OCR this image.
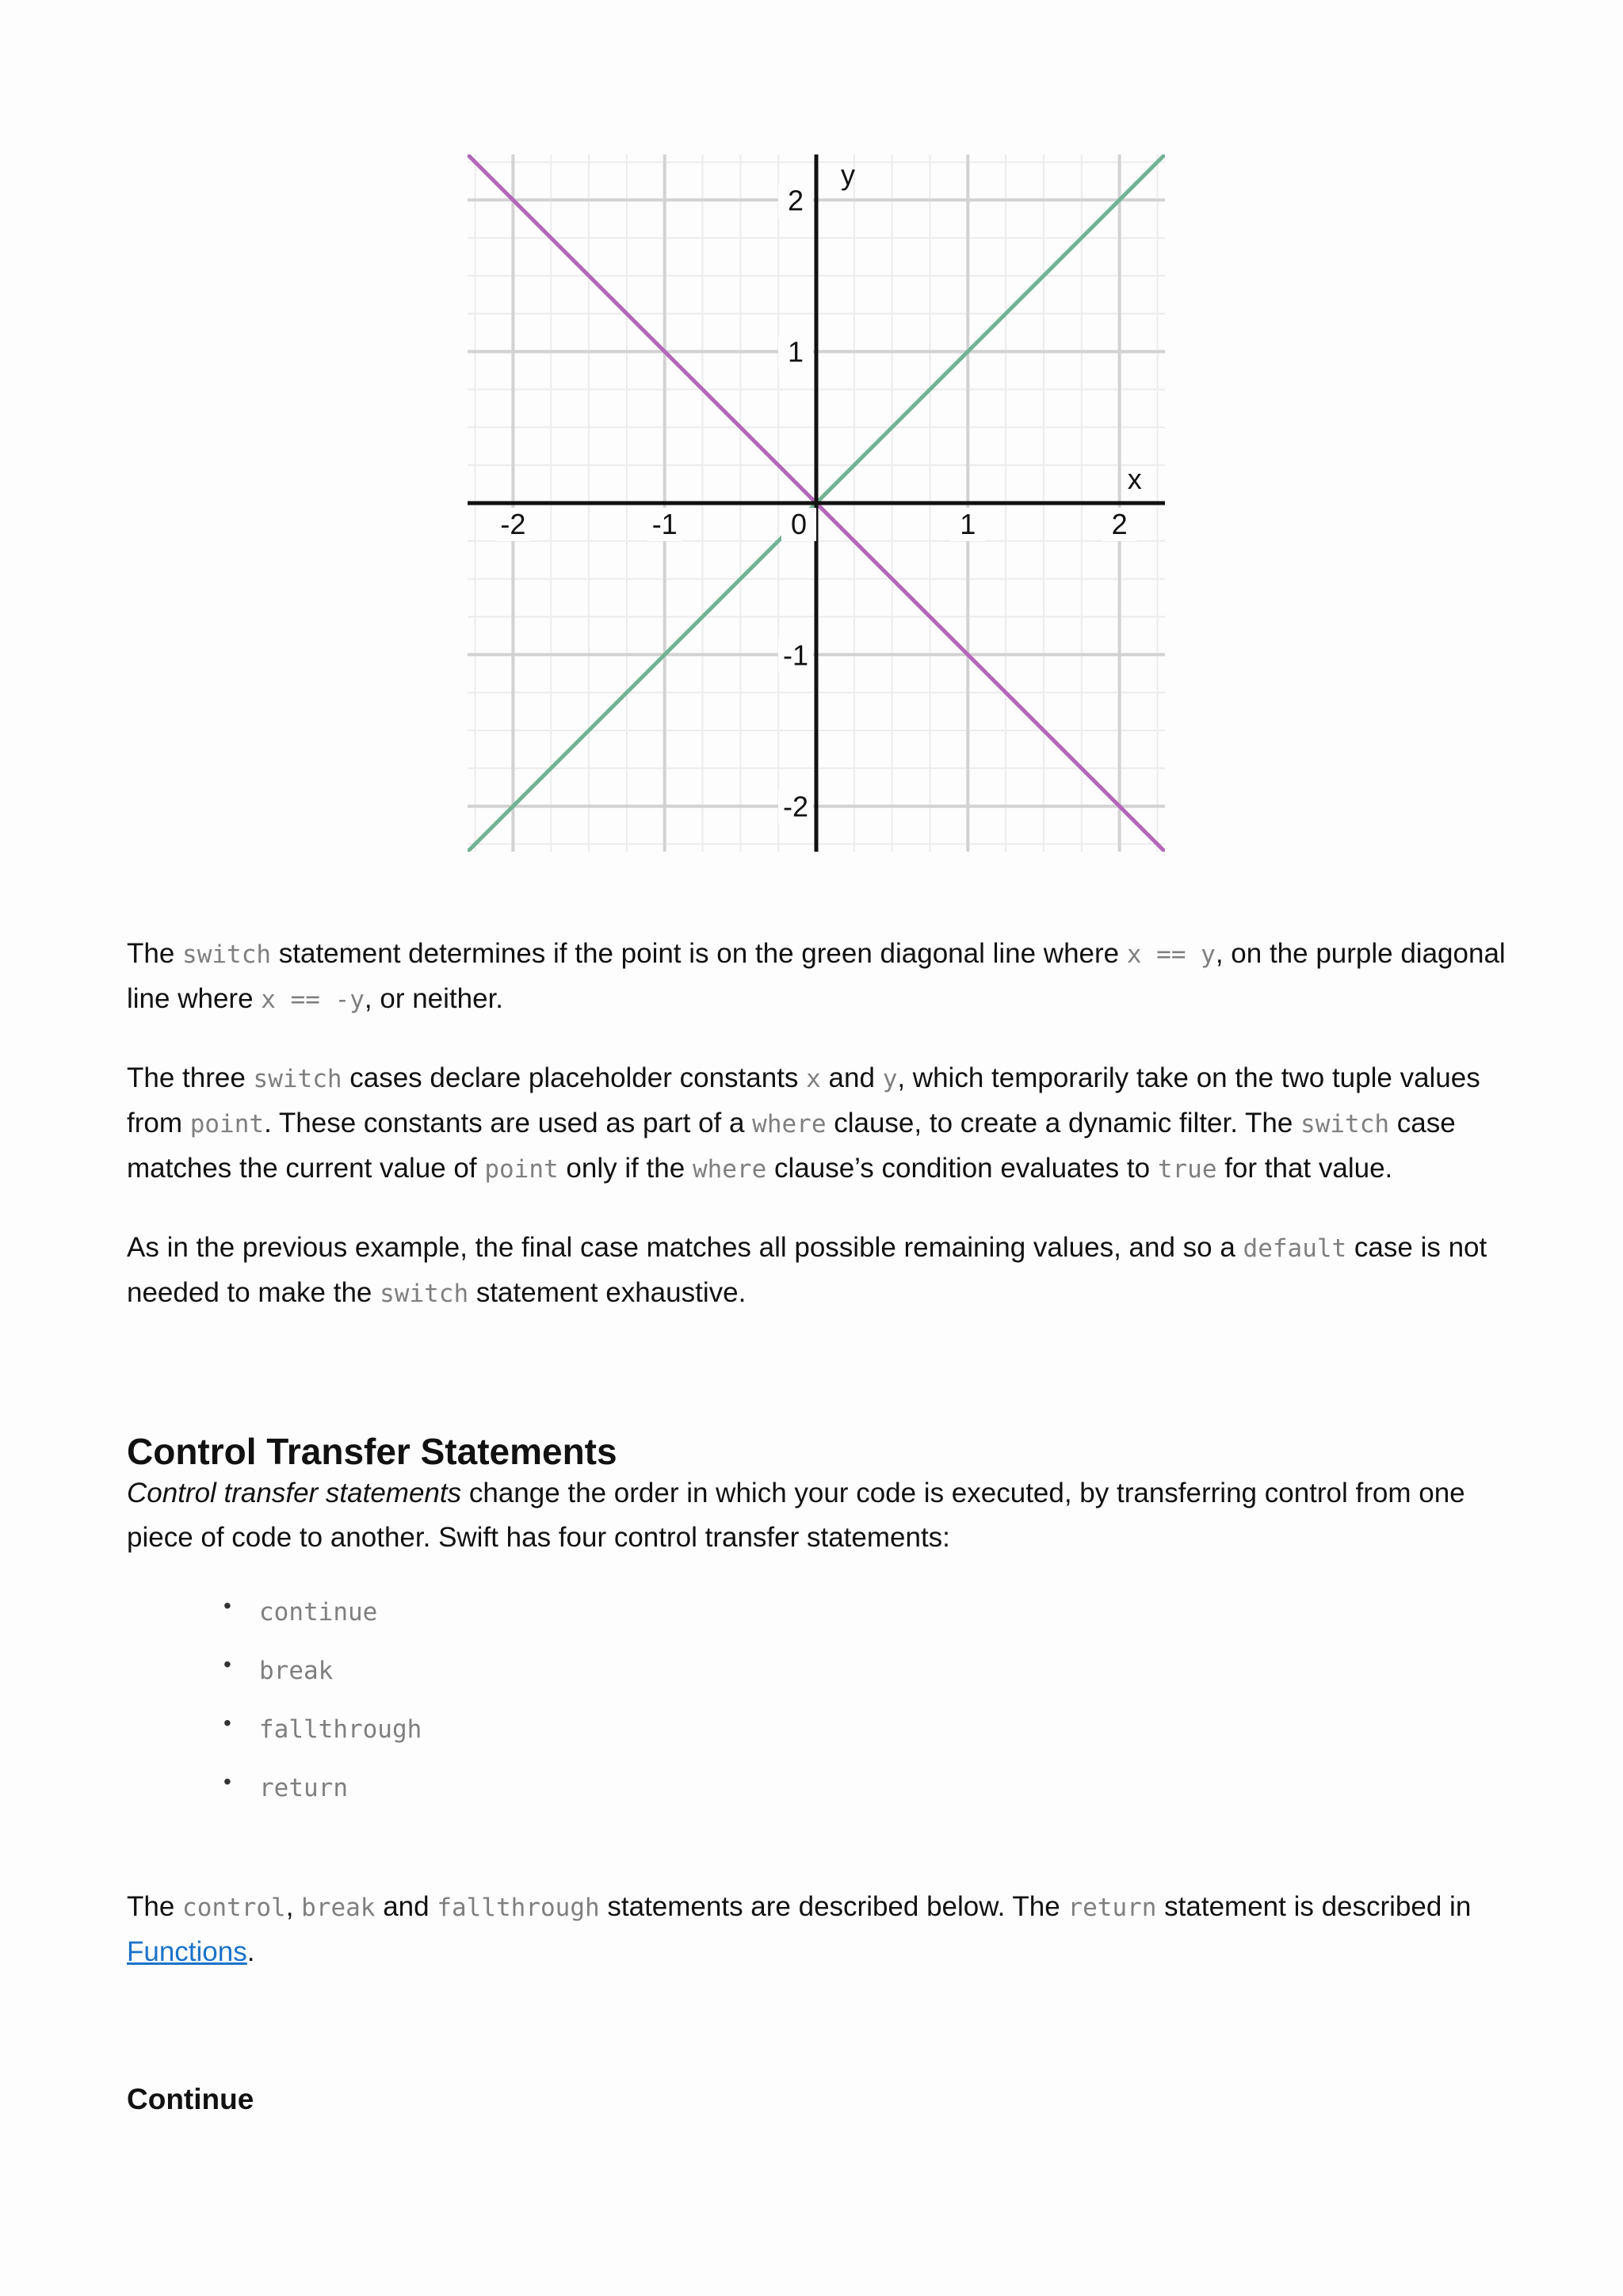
-2	-1	0	1	2
2
1
-1
-2
x
y

The switch statement determines if the point is on the green diagonal line where x == y, on the purple diagonal line where x == -y, or neither.

The three switch cases declare placeholder constants x and y, which temporarily take on the two tuple values from point. These constants are used as part of a where clause, to create a dynamic filter. The switch case matches the current value of point only if the where clause’s condition evaluates to true for that value.

As in the previous example, the final case matches all possible remaining values, and so a default case is not needed to make the switch statement exhaustive.

Control Transfer Statements

Control transfer statements change the order in which your code is executed, by transferring control from one piece of code to another. Swift has four control transfer statements:

• continue
• break
• fallthrough
• return

The control, break and fallthrough statements are described below. The return statement is described in Functions.

Continue
